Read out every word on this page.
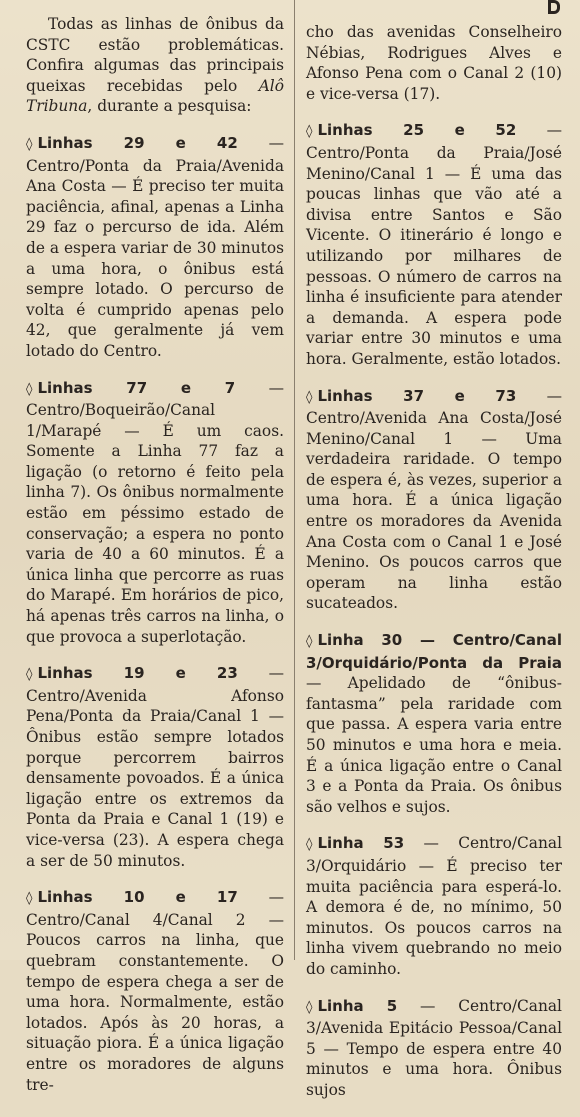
Todas as linhas de ônibus da CSTC estão problemáticas. Confira algumas das principais queixas recebidas pelo Alô Tribuna, durante a pesquisa:

◊ Linhas 29 e 42 — Centro/Ponta da Praia/Avenida Ana Costa — É preciso ter muita paciência, afinal, apenas a Linha 29 faz o percurso de ida. Além de a espera variar de 30 minutos a uma hora, o ônibus está sempre lotado. O percurso de volta é cumprido apenas pelo 42, que geralmente já vem lotado do Centro.

◊ Linhas 77 e 7 — Centro/Boqueirão/Canal 1/Marapé — É um caos. Somente a Linha 77 faz a ligação (o retorno é feito pela linha 7). Os ônibus normalmente estão em péssimo estado de conservação; a espera no ponto varia de 40 a 60 minutos. É a única linha que percorre as ruas do Marapé. Em horários de pico, há apenas três carros na linha, o que provoca a superlotação.

◊ Linhas 19 e 23 — Centro/Avenida Afonso Pena/Ponta da Praia/Canal 1 — Ônibus estão sempre lotados porque percorrem bairros densamente povoados. É a única ligação entre os extremos da Ponta da Praia e Canal 1 (19) e vice-versa (23). A espera chega a ser de 50 minutos.

◊ Linhas 10 e 17 — Centro/Canal 4/Canal 2 — Poucos carros na linha, que quebram constantemente. O tempo de espera chega a ser de uma hora. Normalmente, estão lotados. Após às 20 horas, a situação piora. É a única ligação entre os moradores de alguns tre-

cho das avenidas Conselheiro Nébias, Rodrigues Alves e Afonso Pena com o Canal 2 (10) e vice-versa (17).

◊ Linhas 25 e 52 — Centro/Ponta da Praia/José Menino/Canal 1 — É uma das poucas linhas que vão até a divisa entre Santos e São Vicente. O itinerário é longo e utilizando por milhares de pessoas. O número de carros na linha é insuficiente para atender a demanda. A espera pode variar entre 30 minutos e uma hora. Geralmente, estão lotados.

◊ Linhas 37 e 73 — Centro/Avenida Ana Costa/José Menino/Canal 1 — Uma verdadeira raridade. O tempo de espera é, às vezes, superior a uma hora. É a única ligação entre os moradores da Avenida Ana Costa com o Canal 1 e José Menino. Os poucos carros que operam na linha estão sucateados.

◊ Linha 30 — Centro/Canal 3/Orquidário/Ponta da Praia — Apelidado de “ônibus-fantasma” pela raridade com que passa. A espera varia entre 50 minutos e uma hora e meia. É a única ligação entre o Canal 3 e a Ponta da Praia. Os ônibus são velhos e sujos.

◊ Linha 53 — Centro/Canal 3/Orquidário — É preciso ter muita paciência para esperá-lo. A demora é de, no mínimo, 50 minutos. Os poucos carros na linha vivem quebrando no meio do caminho.

◊ Linha 5 — Centro/Canal 3/Avenida Epitácio Pessoa/Canal 5 — Tempo de espera entre 40 minutos e uma hora. Ônibus sujos
